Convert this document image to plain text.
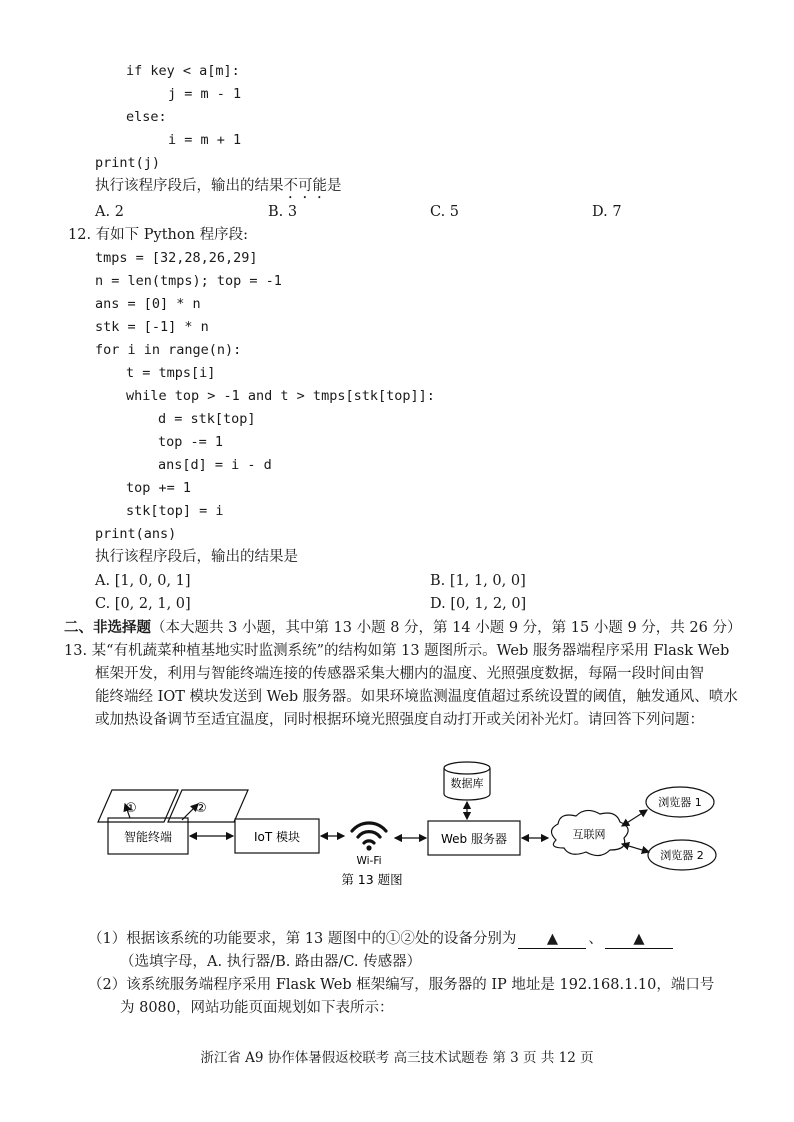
if key < a[m]:
j = m - 1
else:
i = m + 1
print(j)
执行该程序段后，输出的结果不可能是
A. 2	B. 3	C. 5	D. 7
12. 有如下 Python 程序段:
tmps = [32,28,26,29]
n = len(tmps); top = -1
ans = [0] * n
stk = [-1] * n
for i in range(n):
t = tmps[i]
while top > -1 and t > tmps[stk[top]]:
d = stk[top]
top -= 1
ans[d] = i - d
top += 1
stk[top] = i
print(ans)
执行该程序段后，输出的结果是
A. [1, 0, 0, 1]	B. [1, 1, 0, 0]
C. [0, 2, 1, 0]	D. [0, 1, 2, 0]
二、非选择题（本大题共 3 小题，其中第 13 小题 8 分，第 14 小题 9 分，第 15 小题 9 分，共 26 分）
13. 某“有机蔬菜种植基地实时监测系统”的结构如第 13 题图所示。Web 服务器端程序采用 Flask Web
框架开发，利用与智能终端连接的传感器采集大棚内的温度、光照强度数据，每隔一段时间由智
能终端经 IOT 模块发送到 Web 服务器。如果环境监测温度值超过系统设置的阈值，触发通风、喷水
或加热设备调节至适宜温度，同时根据环境光照强度自动打开或关闭补光灯。请回答下列问题：
①	②
智能终端	IoT 模块
Wi-Fi
数据库
Web 服务器	互联网
浏览器 1
浏览器 2
第 13 题图
（1）根据该系统的功能要求，第 13 题图中的①②处的设备分别为 ▲ 、 ▲
（选填字母，A. 执行器/B. 路由器/C. 传感器）
（2）该系统服务端程序采用 Flask Web 框架编写，服务器的 IP 地址是 192.168.1.10，端口号
为 8080，网站功能页面规划如下表所示：
浙江省 A9 协作体暑假返校联考 高三技术试题卷 第 3 页 共 12 页
